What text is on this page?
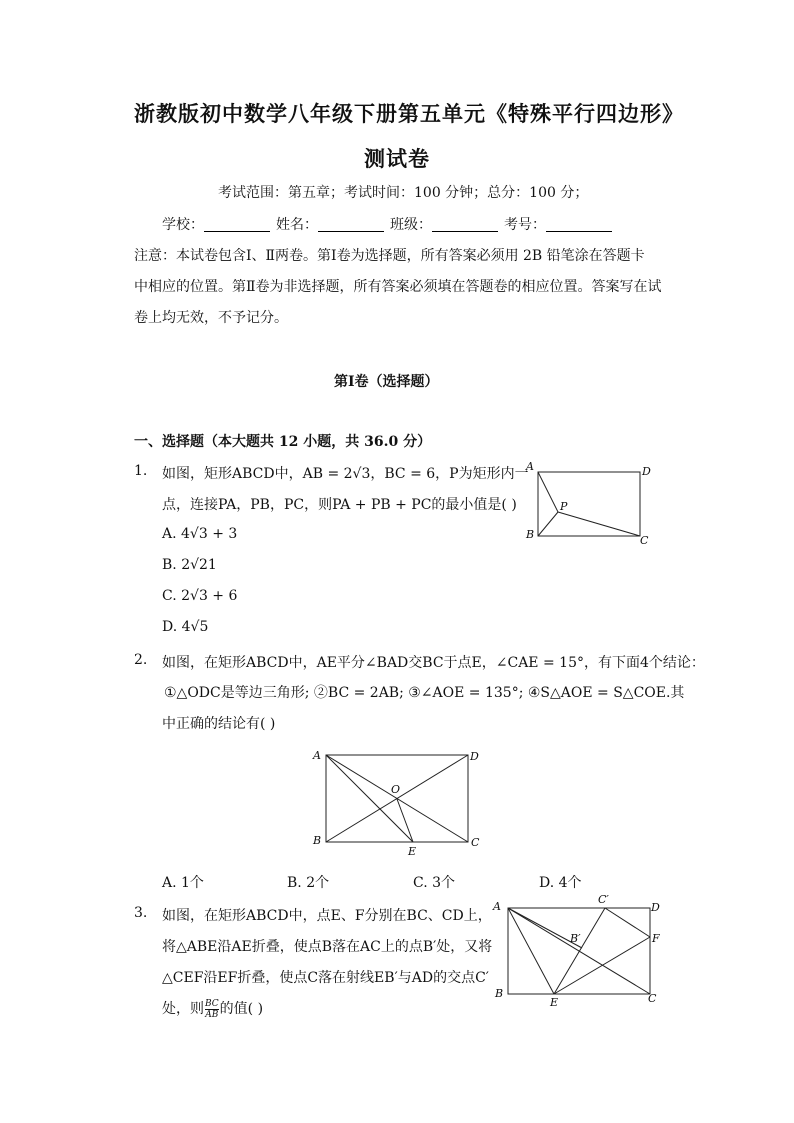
浙教版初中数学八年级下册第五单元《特殊平行四边形》
测试卷
考试范围：第五章；考试时间：100 分钟；总分：100 分；
学校：	姓名：	班级：	考号：
注意：本试卷包含Ⅰ、Ⅱ两卷。第Ⅰ卷为选择题，所有答案必须用 2B 铅笔涂在答题卡
中相应的位置。第Ⅱ卷为非选择题，所有答案必须填在答题卷的相应位置。答案写在试
卷上均无效，不予记分。
第Ⅰ卷（选择题）
一、选择题（本大题共 12 小题，共 36.0 分）
1. 如图，矩形ABCD中，AB = 2√3，BC = 6，P为矩形内一
点，连接PA，PB，PC，则PA + PB + PC的最小值是( )
A. 4√3 + 3
B. 2√21
C. 2√3 + 6
D. 4√5
A	D
P
B	C
2. 如图，在矩形ABCD中，AE平分∠BAD交BC于点E，∠CAE = 15°，有下面4个结论：
①△ODC是等边三角形; ②BC = 2AB; ③∠AOE = 135°; ④S△AOE = S△COE.其
中正确的结论有( )
A	D
O
B
E
C
A. 1个	B. 2个	C. 3个	D. 4个
3. 如图，在矩形ABCD中，点E、F分别在BC、CD上，
将△ABE沿AE折叠，使点B落在AC上的点B′处，又将
△CEF沿EF折叠，使点C落在射线EB′与AD的交点C′
处，则 $\frac{BC}{AB}$ 的值( )
A
C′
D
B′	F
B
E	C
